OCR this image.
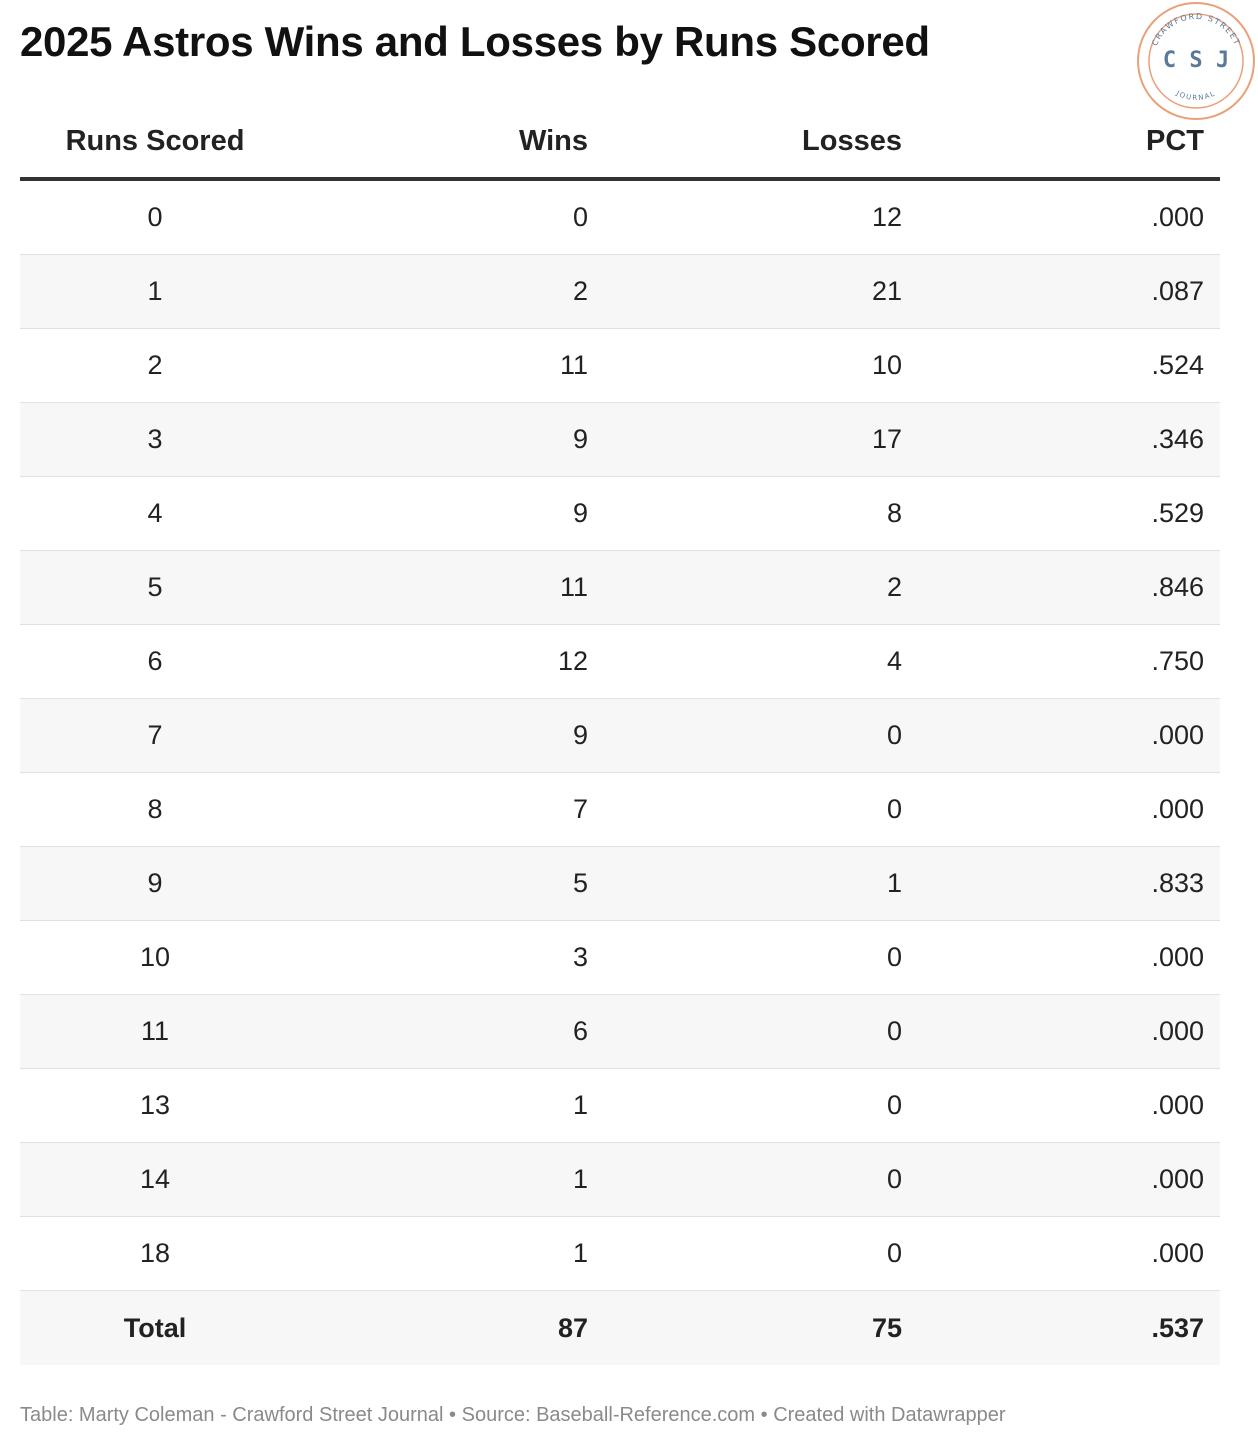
2025 Astros Wins and Losses by Runs Scored	CRAWFORD STREET
C S J
JOURNAL
Runs Scored	Wins	Losses	PCT
0	0	12	.000
1	2	21	.087
2	11	10	.524
3	9	17	.346
4	9	8	.529
5	11	2	.846
6	12	4	.750
7	9	0	.000
8	7	0	.000
9	5	1	.833
10	3	0	.000
11	6	0	.000
13	1	0	.000
14	1	0	.000
18	1	0	.000
Total	87	75	.537
Table: Marty Coleman - Crawford Street Journal • Source: Baseball-Reference.com • Created with Datawrapper
